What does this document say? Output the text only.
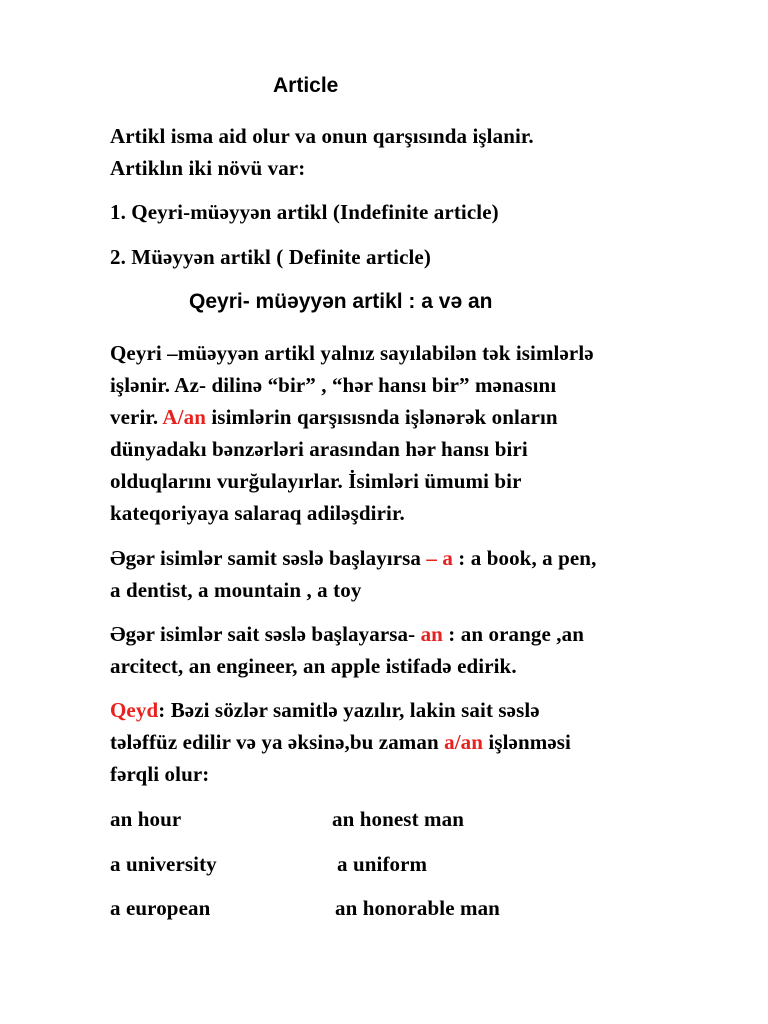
Article
Artikl isma aid olur va onun qarşısında işlanir.
Artiklın iki növü var:
1. Qeyri-müəyyən artikl (Indefinite article)
2. Müəyyən artikl ( Definite article)
Qeyri- müəyyən artikl : a və an
Qeyri –müəyyən artikl yalnız sayılabilən tək isimlərlə
işlənir. Az- dilinə “bir” , “hər hansı bir” mənasını
verir. A/an isimlərin qarşısısnda işlənərək onların
dünyadakı bənzərləri arasından hər hansı biri
olduqlarını vurğulayırlar. İsimləri ümumi bir
kateqoriyaya salaraq adiləşdirir.
Əgər isimlər samit səslə başlayırsa – a : a book, a pen,
a dentist, a mountain , a toy
Əgər isimlər sait səslə başlayarsa- an : an orange ,an
arcitect, an engineer, an apple istifadə edirik.
Qeyd: Bəzi sözlər samitlə yazılır, lakin sait səslə
tələffüz edilir və ya əksinə,bu zaman a/an işlənməsi
fərqli olur:
an hour	an honest man
a university	a uniform
a european	an honorable man
